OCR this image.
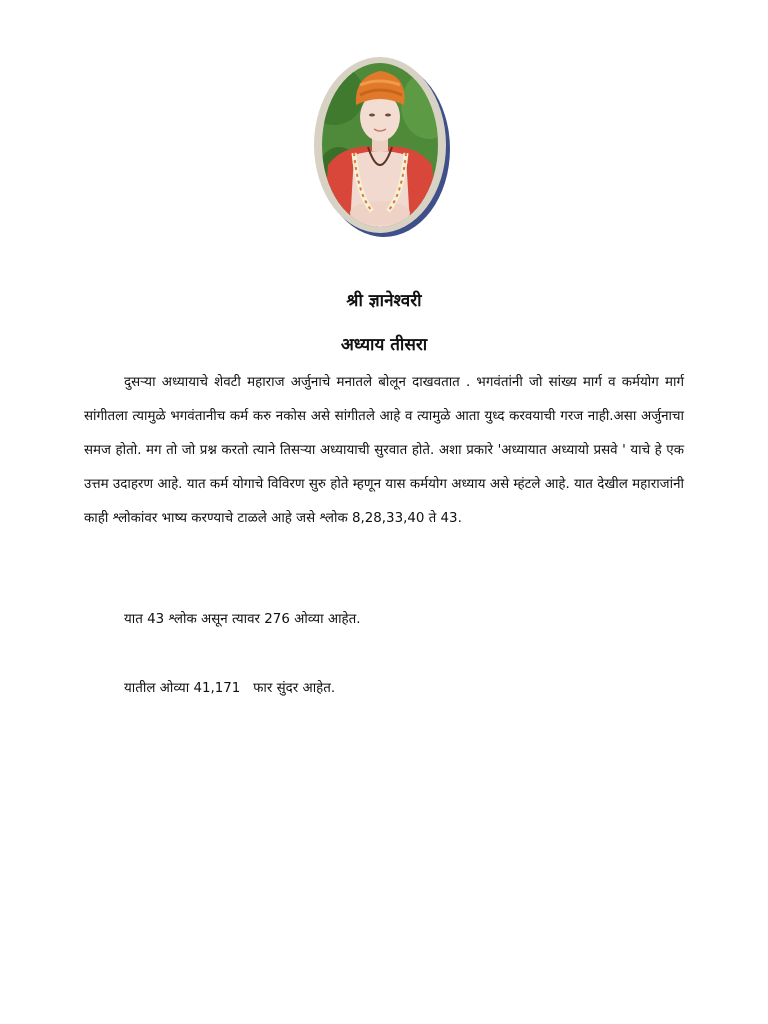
श्री ज्ञानेश्वरी
अध्याय तीसरा

दुसऱ्या अध्यायाचे शेवटी महाराज अर्जुनाचे मनातले बोलून दाखवतात . भगवंतांनी जो सांख्य मार्ग व कर्मयोग मार्ग सांगीतला त्यामुळे भगवंतानीच कर्म करु नकोस असे सांगीतले आहे व त्यामुळे आता युध्द करवयाची गरज नाही.असा अर्जुनाचा समज होतो. मग तो जो प्रश्न करतो त्याने तिसऱ्या अध्यायाची सुरवात होते. अशा प्रकारे 'अध्यायात अध्यायो प्रसवे ' याचे हे एक उत्तम उदाहरण आहे. यात कर्म योगाचे विविरण सुरु होते म्हणून यास कर्मयोग अध्याय असे म्हंटले आहे. यात देखील महाराजांनी काही श्लोकांवर भाष्य करण्याचे टाळले आहे जसे श्लोक 8,28,33,40 ते 43.

यात 43 श्लोक असून त्यावर 276 ओव्या आहेत.

यातील ओव्या 41,171   फार सुंदर आहेत.
